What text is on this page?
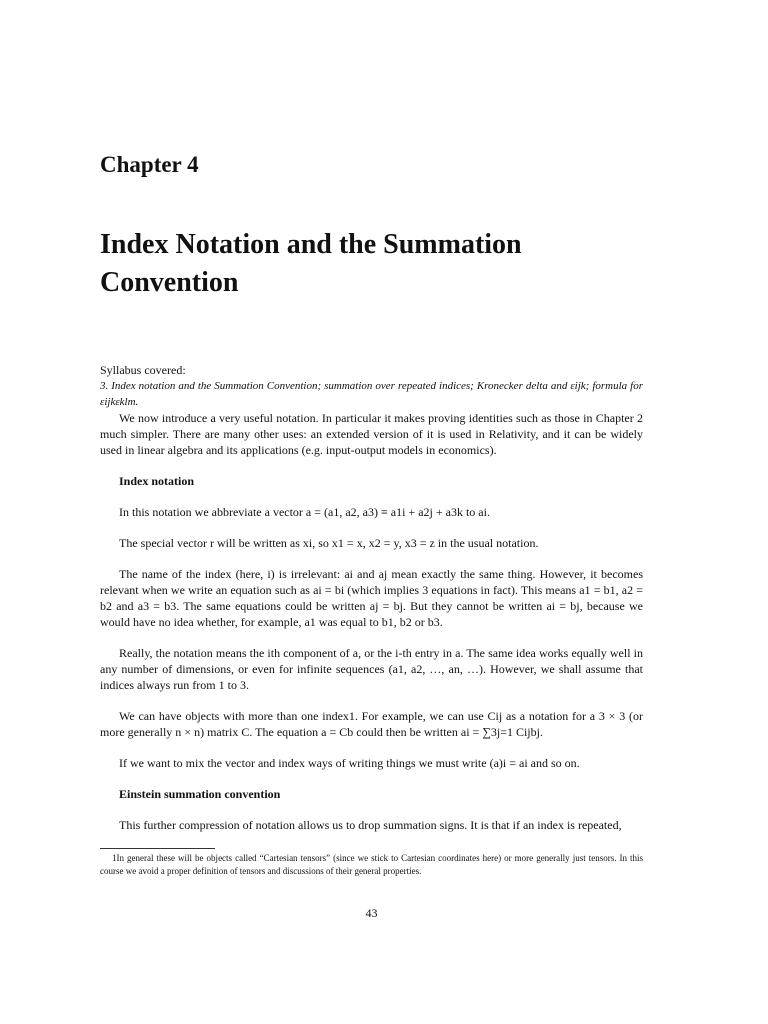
Chapter 4
Index Notation and the Summation Convention

Syllabus covered:

3. Index notation and the Summation Convention; summation over repeated indices; Kronecker delta and εijk; formula for εijkεklm.

We now introduce a very useful notation. In particular it makes proving identities such as those in Chapter 2 much simpler. There are many other uses: an extended version of it is used in Relativity, and it can be widely used in linear algebra and its applications (e.g. input-output models in economics).

Index notation

In this notation we abbreviate a vector a = (a1, a2, a3) ≡ a1i + a2j + a3k to ai.

The special vector r will be written as xi, so x1 = x, x2 = y, x3 = z in the usual notation.

The name of the index (here, i) is irrelevant: ai and aj mean exactly the same thing. However, it becomes relevant when we write an equation such as ai = bi (which implies 3 equations in fact). This means a1 = b1, a2 = b2 and a3 = b3. The same equations could be written aj = bj. But they cannot be written ai = bj, because we would have no idea whether, for example, a1 was equal to b1, b2 or b3.

Really, the notation means the ith component of a, or the i-th entry in a. The same idea works equally well in any number of dimensions, or even for infinite sequences (a1, a2, …, an, …). However, we shall assume that indices always run from 1 to 3.

We can have objects with more than one index1. For example, we can use Cij as a notation for a 3 × 3 (or more generally n × n) matrix C. The equation a = Cb could then be written ai = ∑3j=1 Cijbj.

If we want to mix the vector and index ways of writing things we must write (a)i = ai and so on.

Einstein summation convention

This further compression of notation allows us to drop summation signs. It is that if an index is repeated,

1In general these will be objects called “Cartesian tensors” (since we stick to Cartesian coordinates here) or more generally just tensors. In this course we avoid a proper definition of tensors and discussions of their general properties.

43
